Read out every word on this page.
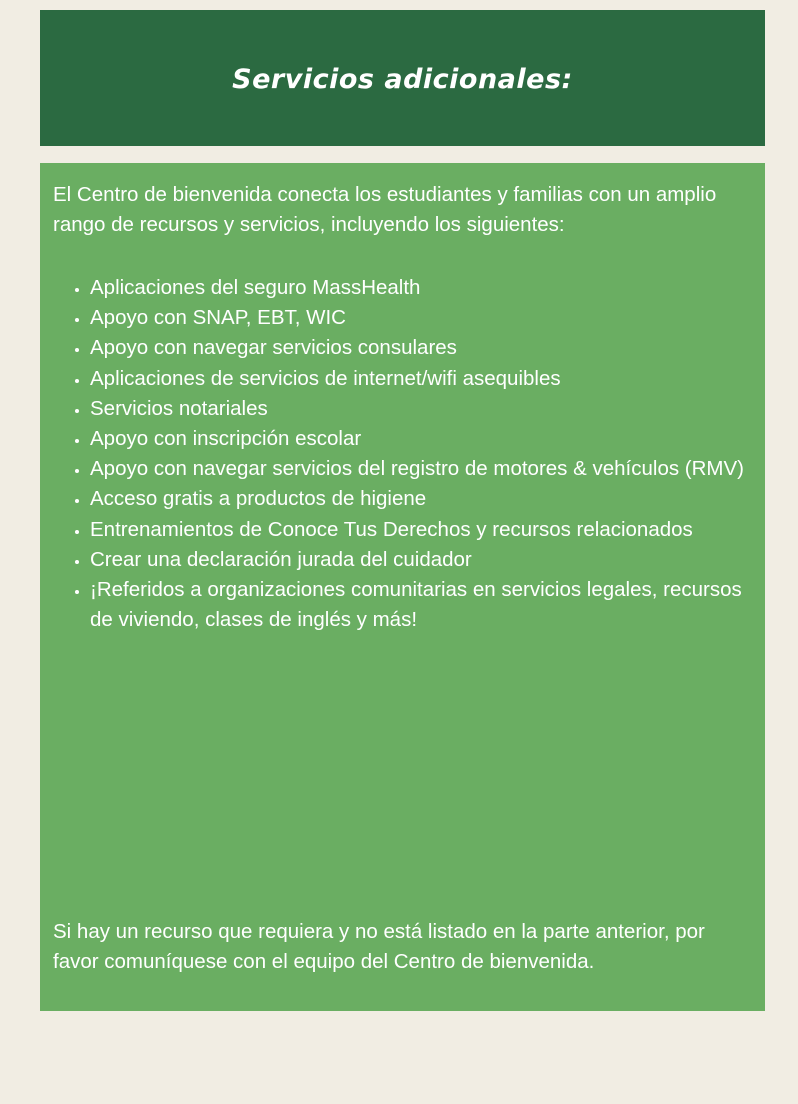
Servicios adicionales:

El Centro de bienvenida conecta los estudiantes y familias con un amplio rango de recursos y servicios, incluyendo los siguientes:

• Aplicaciones del seguro MassHealth
• Apoyo con SNAP, EBT, WIC
• Apoyo con navegar servicios consulares
• Aplicaciones de servicios de internet/wifi asequibles
• Servicios notariales
• Apoyo con inscripción escolar
• Apoyo con navegar servicios del registro de motores & vehículos (RMV)
• Acceso gratis a productos de higiene
• Entrenamientos de Conoce Tus Derechos y recursos relacionados
• Crear una declaración jurada del cuidador
• ¡Referidos a organizaciones comunitarias en servicios legales, recursos de viviendo, clases de inglés y más!

Si hay un recurso que requiera y no está listado en la parte anterior, por favor comuníquese con el equipo del Centro de bienvenida.
